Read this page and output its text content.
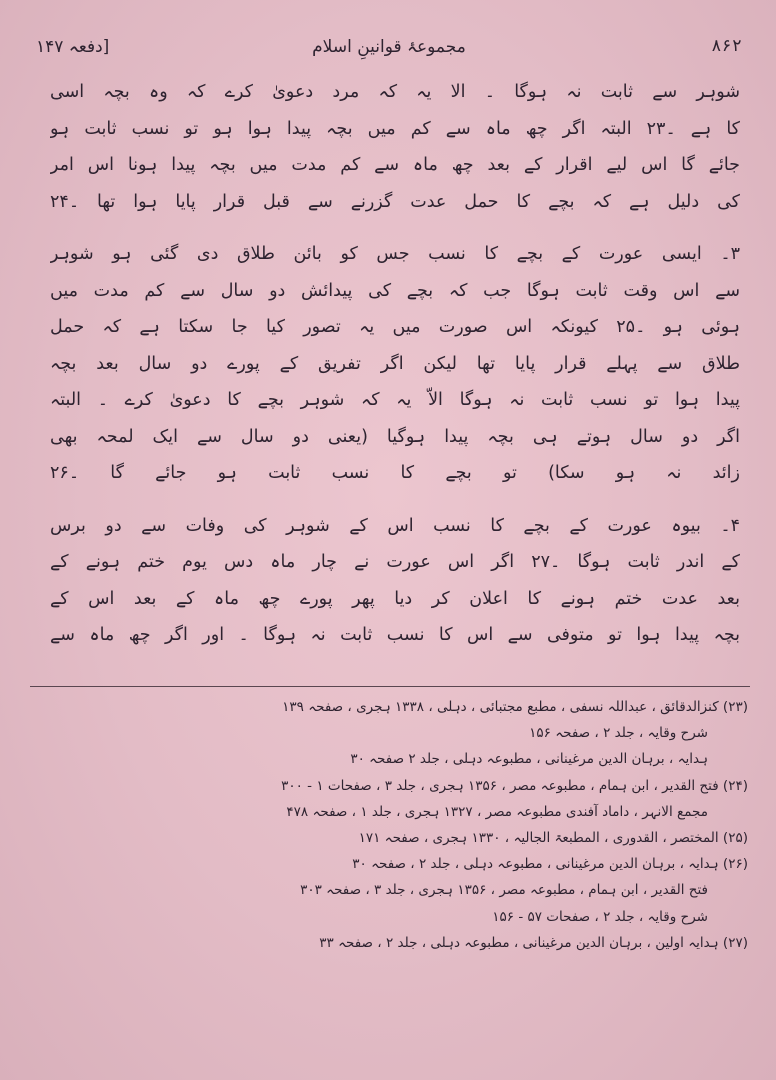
۸۶۲
مجموعۂ قوانینِ اسلام
[دفعہ ۱۴۷
شوہر سے ثابت نہ ہوگا ۔ الا یہ کہ مرد دعویٰ کرے کہ وہ بچہ اسی
کا ہے ۔۲۳ البتہ اگر چھ ماہ سے کم میں بچہ پیدا ہوا ہو تو نسب ثابت ہو
جائے گا اس لیے اقرار کے بعد چھ ماہ سے کم مدت میں بچہ پیدا ہونا اس امر
کی دلیل ہے کہ بچے کا حمل عدت گزرنے سے قبل قرار پایا ہوا تھا ۔۲۴
۳۔ ایسی عورت کے بچے کا نسب جس کو بائن طلاق دی گئی ہو شوہر
سے اس وقت ثابت ہوگا جب کہ بچے کی پیدائش دو سال سے کم مدت میں
ہوئی ہو ۔۲۵ کیونکہ اس صورت میں یہ تصور کیا جا سکتا ہے کہ حمل
طلاق سے پہلے قرار پایا تھا لیکن اگر تفریق کے پورے دو سال بعد بچہ
پیدا ہوا تو نسب ثابت نہ ہوگا الاّ یہ کہ شوہر بچے کا دعویٰ کرے ۔ البتہ
اگر دو سال ہوتے ہی بچہ پیدا ہوگیا (یعنی دو سال سے ایک لمحہ بھی
زائد نہ ہو سکا) تو بچے کا نسب ثابت ہو جائے گا ۔۲۶
۴۔ بیوہ عورت کے بچے کا نسب اس کے شوہر کی وفات سے دو برس
کے اندر ثابت ہوگا ۔۲۷ اگر اس عورت نے چار ماہ دس یوم ختم ہونے کے
بعد عدت ختم ہونے کا اعلان کر دیا پھر پورے چھ ماہ کے بعد اس کے
بچہ پیدا ہوا تو متوفی سے اس کا نسب ثابت نہ ہوگا ۔ اور اگر چھ ماہ سے
(۲۳) کنزالدقائق ، عبداللہ نسفی ، مطبع مجتبائی ، دہلی ، ۱۳۳۸ ہجری ، صفحہ ۱۳۹
شرح وقایہ ، جلد ۲ ، صفحہ ۱۵۶
ہدایہ ، برہان الدین مرغینانی ، مطبوعہ دہلی ، جلد ۲ صفحہ ۳۰
(۲۴) فتح القدیر ، ابن ہمام ، مطبوعہ مصر ، ۱۳۵۶ ہجری ، جلد ۳ ، صفحات ۱ - ۳۰۰
مجمع الانہر ، داماد آفندی مطبوعہ مصر ، ۱۳۲۷ ہجری ، جلد ۱ ، صفحہ ۴۷۸
(۲۵) المختصر ، القدوری ، المطبعۃ الجالیہ ، ۱۳۳۰ ہجری ، صفحہ ۱۷۱
(۲۶) ہدایہ ، برہان الدین مرغینانی ، مطبوعہ دہلی ، جلد ۲ ، صفحہ ۳۰
فتح القدیر ، ابن ہمام ، مطبوعہ مصر ، ۱۳۵۶ ہجری ، جلد ۳ ، صفحہ ۳۰۳
شرح وقایہ ، جلد ۲ ، صفحات ۵۷ - ۱۵۶
(۲۷) ہدایہ اولین ، برہان الدین مرغینانی ، مطبوعہ دہلی ، جلد ۲ ، صفحہ ۳۳
